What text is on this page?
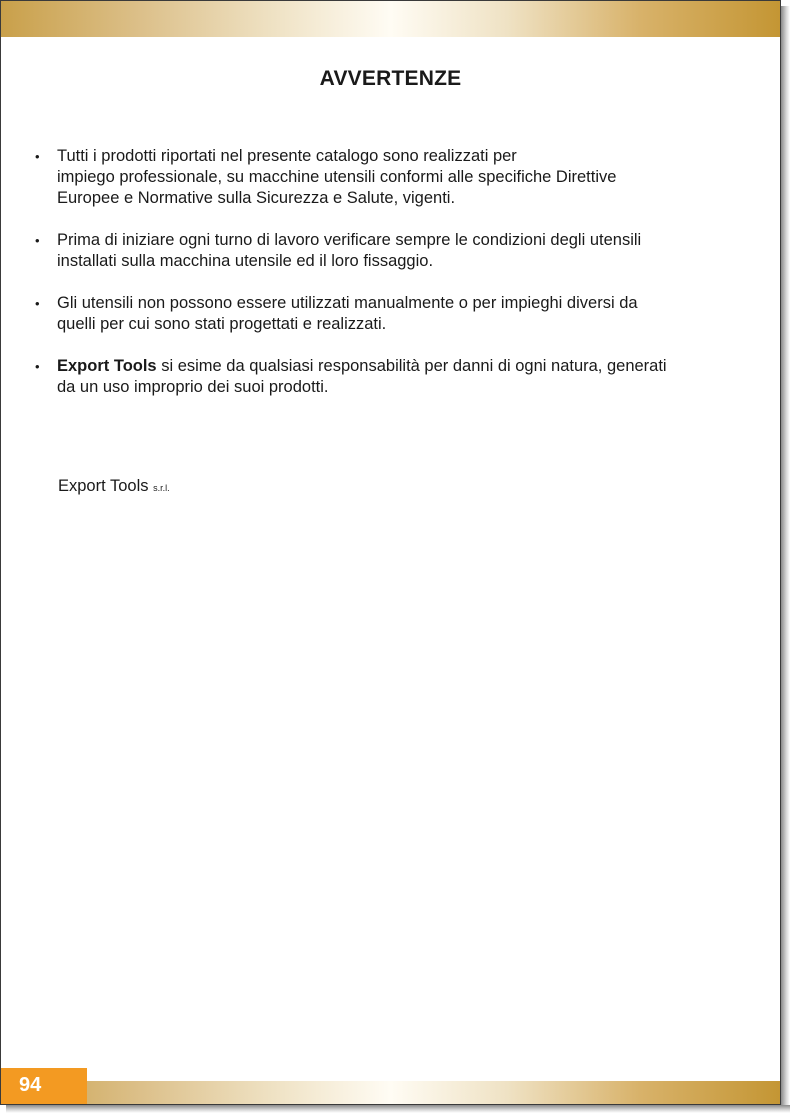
AVVERTENZE
• Tutti i prodotti riportati nel presente catalogo sono realizzati per
impiego professionale, su macchine utensili conformi alle specifiche Direttive
Europee e Normative sulla Sicurezza e Salute, vigenti.
• Prima di iniziare ogni turno di lavoro verificare sempre le condizioni degli utensili
installati sulla macchina utensile ed il loro fissaggio.
• Gli utensili non possono essere utilizzati manualmente o per impieghi diversi da
quelli per cui sono stati progettati e realizzati.
• Export Tools si esime da qualsiasi responsabilità per danni di ogni natura, generati
da un uso improprio dei suoi prodotti.
Export Tools s.r.l.
94
